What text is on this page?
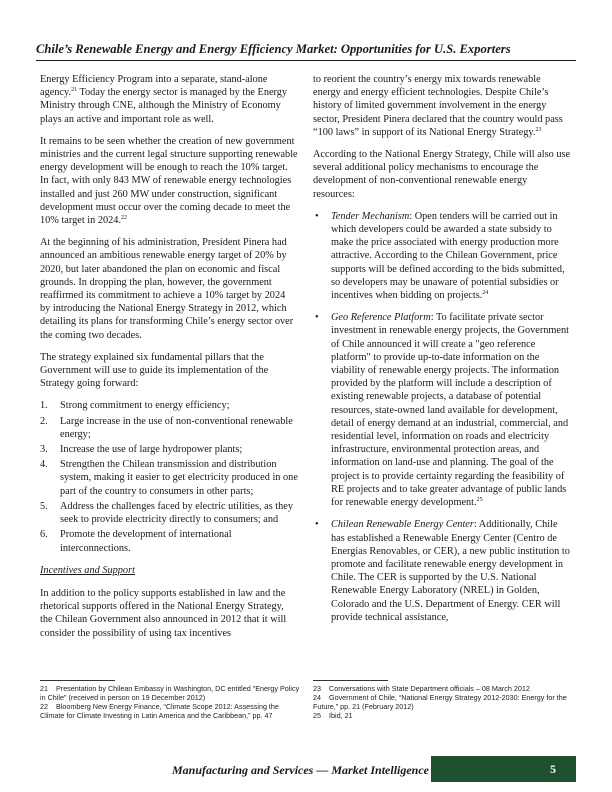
Chile’s Renewable Energy and Energy Efficiency Market: Opportunities for U.S. Exporters

Energy Efficiency Program into a separate, stand-alone agency.$^{21}$ Today the energy sector is managed by the Energy Ministry through CNE, although the Ministry of Economy plays an active and important role as well.

It remains to be seen whether the creation of new government ministries and the current legal structure supporting renewable energy development will be enough to reach the 10% target. In fact, with only 843 MW of renewable energy technologies installed and just 260 MW under construction, significant development must occur over the coming decade to meet the 10% target in 2024.22

At the beginning of his administration, President Pinera had announced an ambitious renewable energy target of 20% by 2020, but later abandoned the plan on economic and fiscal grounds. In dropping the plan, however, the government reaffirmed its commitment to achieve a 10% target by 2024 by introducing the National Energy Strategy in 2012, which detailing its plans for transforming Chile’s energy sector over the coming two decades.

The strategy explained six fundamental pillars that the Government will use to guide its implementation of the Strategy going forward:

1. Strong commitment to energy efficiency;
2. Large increase in the use of non-conventional renewable energy;
3. Increase the use of large hydropower plants;
4. Strengthen the Chilean transmission and distribution system, making it easier to get electricity produced in one part of the country to consumers in other parts;
5. Address the challenges faced by electric utilities, as they seek to provide electricity directly to consumers; and
6. Promote the development of international interconnections.
Incentives and Support

In addition to the policy supports established in law and the rhetorical supports offered in the National Energy Strategy, the Chilean Government also announced in 2012 that it will consider the possibility of using tax incentives

to reorient the country’s energy mix towards renewable energy and energy efficient technologies. Despite Chile’s history of limited government involvement in the energy sector, President Pinera declared that the country would pass “100 laws” in support of its National Energy Strategy.$^{23}$

According to the National Energy Strategy, Chile will also use several additional policy mechanisms to encourage the development of non-conventional renewable energy resources:

• Tender Mechanism: Open tenders will be carried out in which developers could be awarded a state subsidy to make the price associated with energy production more attractive. According to the Chilean Government, price supports will be defined according to the bids submitted, so developers may be unaware of potential subsidies or incentives when bidding on projects.$^{24}$
• Geo Reference Platform: To facilitate private sector investment in renewable energy projects, the Government of Chile announced it will create a "geo reference platform" to provide up-to-date information on the viability of renewable energy projects. The information provided by the platform will include a description of existing renewable projects, a database of potential resources, state-owned land available for development, detail of energy demand at an industrial, commercial, and residential level, information on roads and electricity infrastructure, environmental protection areas, and information on land-use and planning. The goal of the project is to provide certainty regarding the feasibility of RE projects and to take greater advantage of public lands for renewable energy development.$^{25}$
• Chilean Renewable Energy Center: Additionally, Chile has established a Renewable Energy Center (Centro de Energias Renovables, or CER), a new public institution to promote and facilitate renewable energy development in Chile. The CER is supported by the U.S. National Renewable Energy Laboratory (NREL) in Golden, Colorado and the U.S. Department of Energy. CER will provide technical assistance,

21 Presentation by Chilean Embassy in Washington, DC entitled "Energy Policy in Chile" (received in person on 19 December 2012)

22 Bloomberg New Energy Finance, “Climate Scope 2012: Assessing the Climate for Climate Investing in Latin America and the Caribbean,” pp. 47

23 Conversations with State Department officials – 08 March 2012

24 Government of Chile, “National Energy Strategy 2012-2030: Energy for the Future,” pp. 21 (February 2012)

25 Ibid, 21

Manufacturing and Services — Market Intelligence	5
